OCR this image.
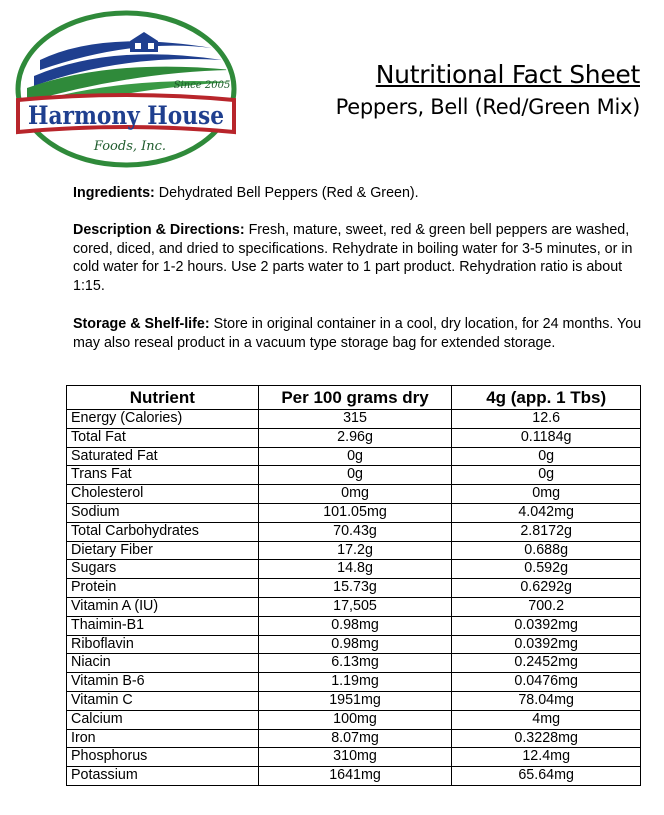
Since 2005
Harmony House
Foods, Inc.
Nutritional Fact Sheet
Peppers, Bell (Red/Green Mix)
Ingredients: Dehydrated Bell Peppers (Red & Green).
Description & Directions: Fresh, mature, sweet, red & green bell peppers are washed, cored, diced, and dried to specifications. Rehydrate in boiling water for 3-5 minutes, or in cold water for 1-2 hours. Use 2 parts water to 1 part product. Rehydration ratio is about 1:15.
Storage & Shelf-life: Store in original container in a cool, dry location, for 24 months. You may also reseal product in a vacuum type storage bag for extended storage.
Nutrient	Per 100 grams dry	4g (app. 1 Tbs)
Energy (Calories)	315	12.6
Total Fat	2.96g	0.1184g
Saturated Fat	0g	0g
Trans Fat	0g	0g
Cholesterol	0mg	0mg
Sodium	101.05mg	4.042mg
Total Carbohydrates	70.43g	2.8172g
Dietary Fiber	17.2g	0.688g
Sugars	14.8g	0.592g
Protein	15.73g	0.6292g
Vitamin A (IU)	17,505	700.2
Thaimin-B1	0.98mg	0.0392mg
Riboflavin	0.98mg	0.0392mg
Niacin	6.13mg	0.2452mg
Vitamin B-6	1.19mg	0.0476mg
Vitamin C	1951mg	78.04mg
Calcium	100mg	4mg
Iron	8.07mg	0.3228mg
Phosphorus	310mg	12.4mg
Potassium	1641mg	65.64mg
